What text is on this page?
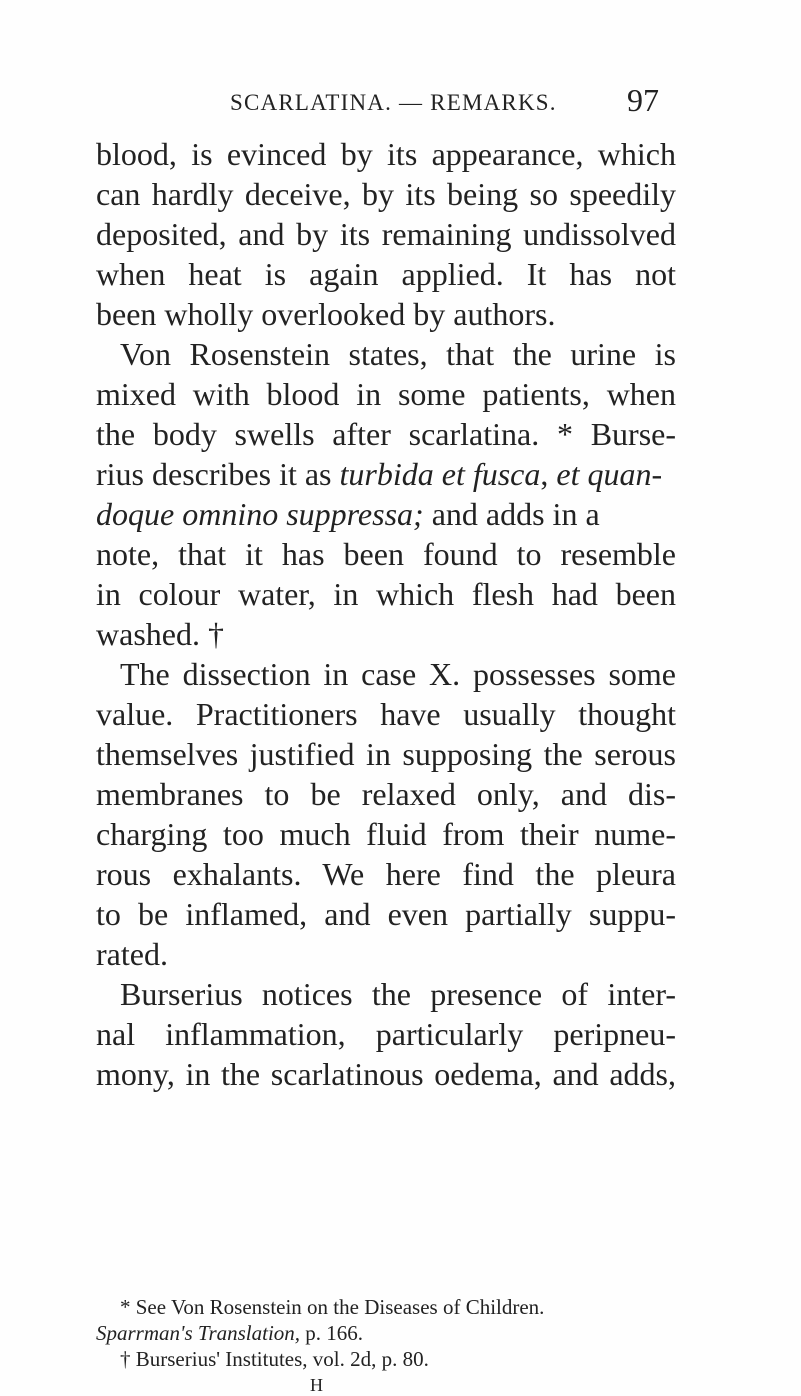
SCARLATINA. — REMARKS. 97
blood, is evinced by its appearance, which
can hardly deceive, by its being so speedily
deposited, and by its remaining undissolved
when heat is again applied. It has not
been wholly overlooked by authors.
Von Rosenstein states, that the urine is
mixed with blood in some patients, when
the body swells after scarlatina. * Burse-
rius describes it as turbida et fusca, et quan-
doque omnino suppressa; and adds in a
note, that it has been found to resemble
in colour water, in which flesh had been
washed. †
The dissection in case X. possesses some
value. Practitioners have usually thought
themselves justified in supposing the serous
membranes to be relaxed only, and dis-
charging too much fluid from their nume-
rous exhalants. We here find the pleura
to be inflamed, and even partially suppu-
rated.
Burserius notices the presence of inter-
nal inflammation, particularly peripneu-
mony, in the scarlatinous oedema, and adds,
* See Von Rosenstein on the Diseases of Children.
Sparrman's Translation, p. 166.
† Burserius' Institutes, vol. 2d, p. 80.
H
